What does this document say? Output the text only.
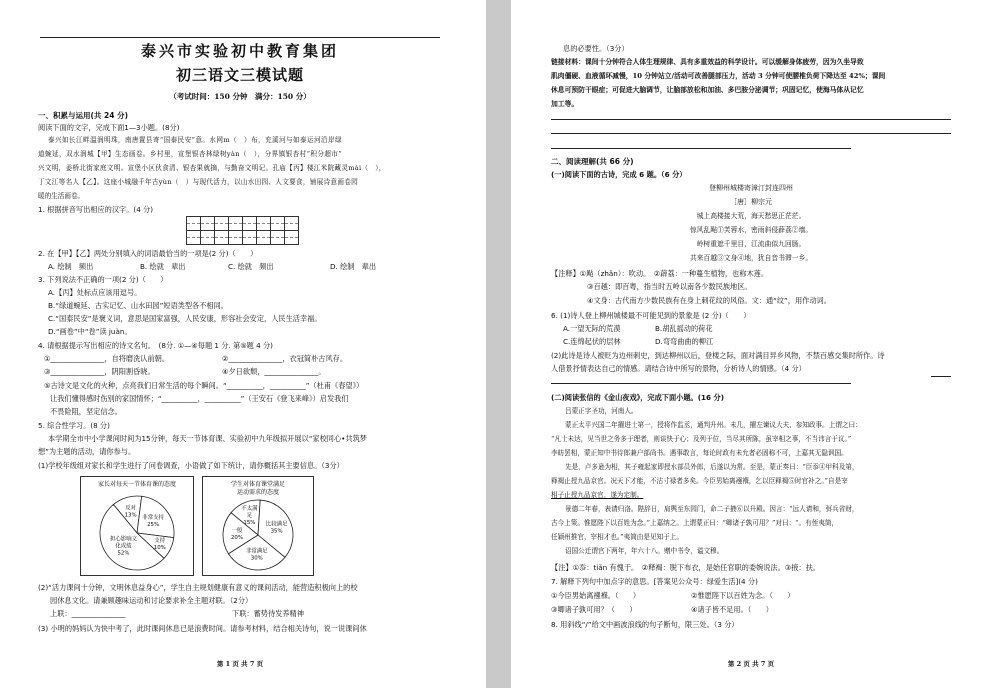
泰兴市实验初中教育集团
初三语文三模试题
（考试时间：150 分钟　满分：150 分）
一、积累与运用(共 24 分)
阅读下面的文字，完成下面1—3小题。(8分)
泰兴如长江畔温润明珠，南唐置县寄“国泰民安”意。水网m（　）布，充溪河与如泰运河沿岸绿
道蜿延，双水润城【甲】生态画卷。乡村里，宣堡银杏林绿树yàn（　），分界镇银杏村“积分超市”
兴文明，姜桥北街家庭文明。宣堡小区伙食清、银杏果就摘，与勤奋文明记。孔庙【丙】楼江米院藏灵mài（　），
丁文江等名人【乙】。这座小城融千年古yùn（　）与现代活力，以山水田园、人文要食，铺展诗意画卷园
暖的生活画卷。
1. 根据拼音写出相应的汉字。(4 分)
2. 在【甲】【乙】两处分别填入的词语最恰当的一项是(2 分)（　　）
A. 绘制　频出	B. 绘就　辈出	C. 绘就　频出	D. 绘制　辈出
3. 下列说法不正确的一项(2 分)（　　）
A.【丙】处标点应该用逗号。
B.“绿道蜿延、古实记忆、山水田园”短语类型各不相同。
C.“国泰民安”是褒义词，意思是国家富强，人民安康，形容社会安定，人民生活幸福。
D.“画卷”中“卷”读 juàn。
4. 请根据提示写出相应的诗文名句。　(8分. ①—④每题 1 分. 第⑤题 4 分)
①_______________，自将磨洗认前朝。	②_______________，衣冠简朴古风存。
③_______________，阴阳割昏晓。	④夕日欲颓，_______________。
⑤古诗文是文化的火种，点亮我们日常生活的每个瞬间。“__________，__________”（杜甫《春望》）
让我们懂得感时伤别的家国情怀；“__________，__________”（王安石《登飞来峰》）启发我们
不畏险阻，坚定信念。
5. 综合性学习。(8 分)
本学期全市中小学课间时间为15分钟，每天一节体育课、实验初中九年级拟开展以“家校同心•共筑梦
想”为主题的活动，请你参与。
(1)学校年级组对家长和学生进行了问卷调查，小语做了如下统计，请你概括其主要信息。（3分）
家长对每天一节体育课的态度
反对 13% 非常支持 25%
支持 10%
担心影响文化成绩 52%
学生对体育课堂满足
运动需求的态度
不太满足 15%	比较满足 35%
非常满足 30%
一般 20%
(2)“活力课间十分钟，文明休息益身心”，学生自主规划健康有意义的课间活动，能营造积极向上的校
园休息文化。请兼顾趣味运动和讨论要求补全主题对联。（2分）
上联：_______________	下联：蓄势待发养精神
(3) 小明的妈妈认为快中考了，此时课间休息已是浪费时间。请参考材料，结合相关诗句，说一说课间休
第 1 页 共 7 页
息的必要性。（3分）
链接材料：课间十分钟符合人体生理规律、具有多重效益的科学设计。可以缓解身体疲劳，因为久坐导致
肌肉僵硬、血液循环减慢，10 分钟站立/活动可改善腿部压力，活动 3 分钟可使腰椎负荷下降达至 42%；课间
休息可预防干眼症；可促进大脑调节，让脑部放松和加油、多巴胺分泌调节；巩固记忆，使海马体从记忆
加工等。
二、阅读理解(共 66 分)
(一)阅读下面的古诗，完成 6 题。（6 分）
登柳州城楼寄漳汀封连四州
［唐］柳宗元
城上高楼接大荒，海天愁思正茫茫。
惊风乱飐①芙蓉水，密雨斜侵薜荔②墙。
岭树重遮千里目，江流曲似九回肠。
共来百越③文身④地，犹自音书滞一乡。
【注释】①飐（zhǎn）：吹动。　②薜荔：一种蔓生植物，也称木莲。
③百越：即百粤，指当时五岭以南各少数民族地区。
④文身：古代南方少数民族有在身上刺花纹的风俗。文：通“纹”，用作动词。
6. (1)诗人登上柳州城楼最不可能见到的景象是 (2 分)（　　）
A.一望无际的荒漠	B.胡乱摇动的荷花
C.连绵起伏的层林	D.弯弯曲曲的柳江
(2)此诗是诗人被贬为边州刺史，到达柳州以后，登楼之际，面对满目异乡风物，不禁百感交集时所作。诗
人借景抒情表达自己的情感。请结合诗中所写的景物，分析诗人的情感。（4 分）
(二)阅读张信的《金山夜戏》，完成下面小题。(16 分)
吕蒙正字圣功，河南人。
蒙正太平兴国二年擢进士第一，授将作监丞，通判升州。未几，擢左谏议大夫、参知政事。上谓之曰：
“凡士未达，见当世之务多于理者，则谈快于心；及列于位，当尽其所陈，虽宰相之事，不当讳言于议。”
李昉罢相，蒙正知中书待郎兼户部尚书。遇事敢言，每论时政有未允者必固称不可，上嘉其无隐讽国。
先是，卢多逊为相，其子雍起家即授水部员外郎，后遂以为常。至是，蒙正奏曰：“臣忝④甲科及第，
释褐止授九品京官。况天下才能，不沾寸禄者多矣。今臣男始离襁褓，乞以臣释褐⑤时官补之。”自是宰
相子止授九品京官，遂为定制。
景德二年春，表请归洛。陛辞日，肩舆至东园门，命二子掖⑥以升殿。因言：“远人请和，弭兵省财，
古今上策。惟愿陛下以百姓为念。”上嘉纳之。上谓蒙正曰：“卿诸子孰可用？”对曰：“。有侄夷简，
任颖州推官，宰相才也。”夷简由是见知于上。
诏国公迁谓官下两年，年六十八。赠中书令，谥文穆。
【注】①忝：tiǎn 有愧于。　②释褐：脱下布衣，是始任官职的委婉说法。③掖：扶。
7. 解释下列句中加点字的意思。[答案见公众号：绿爱生活](4 分)
①今臣男始离襁褓。（　　）	②惟愿陛下以百姓为念。（　　）
③卿诸子孰可用？（　　）	④诸子皆不足用。（　　）
8. 用斜线“/”给文中画波浪线的句子断句，限三处。（3 分）
第 2 页 共 7 页
